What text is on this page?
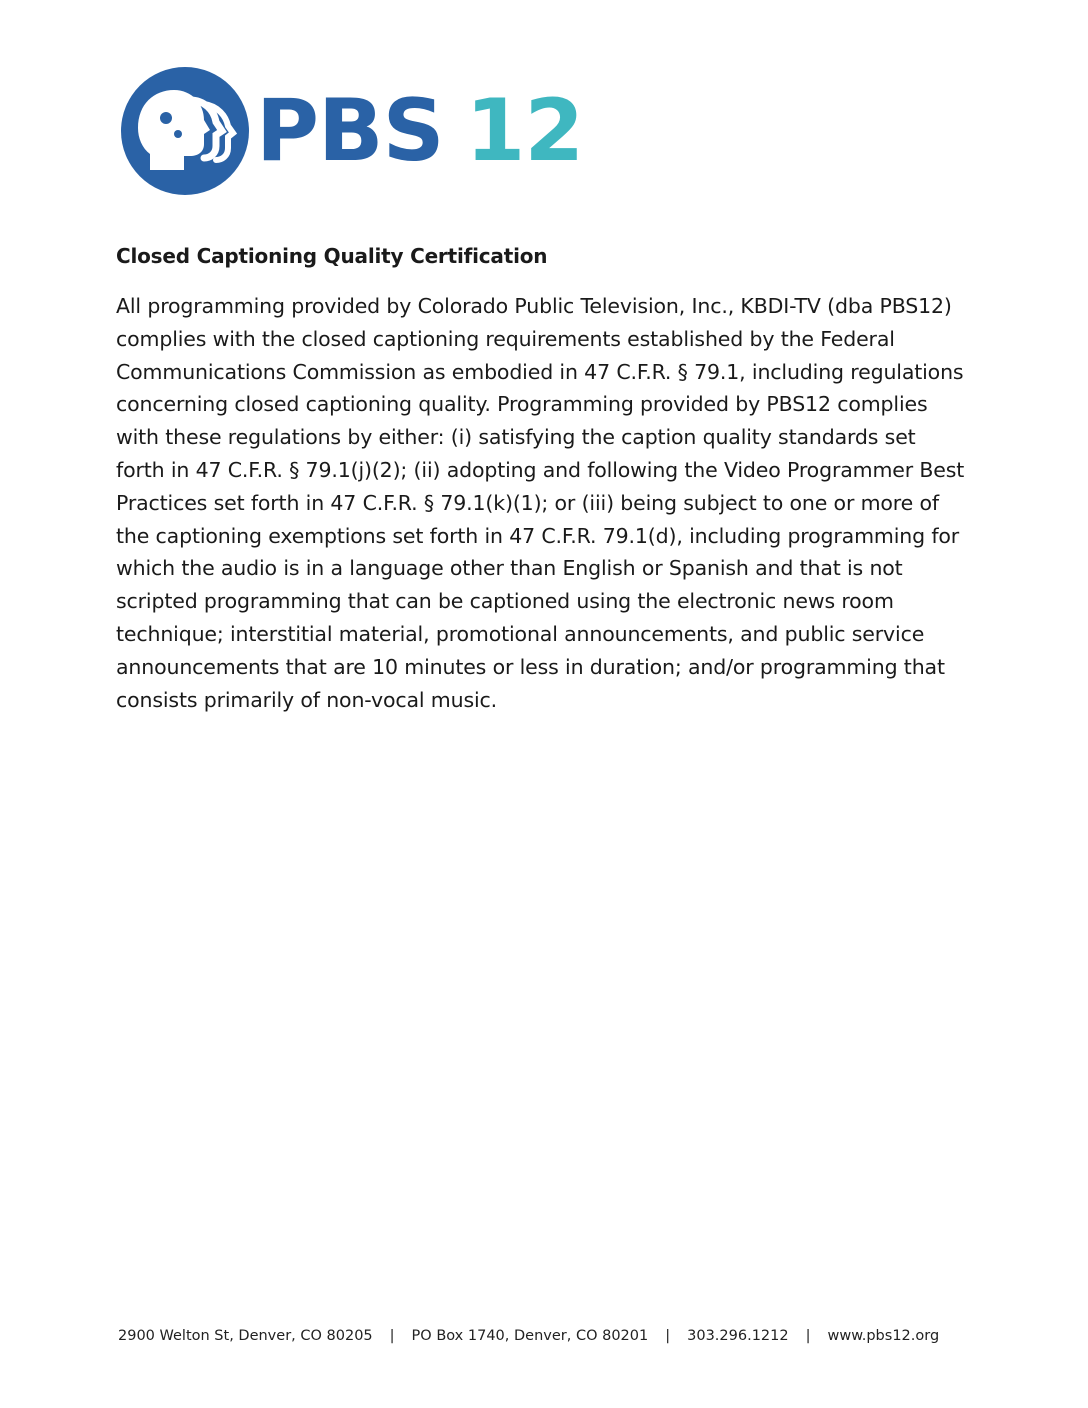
PBS 12
Closed Captioning Quality Certification
All programming provided by Colorado Public Television, Inc., KBDI-TV (dba PBS12) complies with the closed captioning requirements established by the Federal Communications Commission as embodied in 47 C.F.R. § 79.1, including regulations concerning closed captioning quality. Programming provided by PBS12 complies with these regulations by either: (i) satisfying the caption quality standards set forth in 47 C.F.R. § 79.1(j)(2); (ii) adopting and following the Video Programmer Best Practices set forth in 47 C.F.R. § 79.1(k)(1); or (iii) being subject to one or more of the captioning exemptions set forth in 47 C.F.R. 79.1(d), including programming for which the audio is in a language other than English or Spanish and that is not scripted programming that can be captioned using the electronic news room technique; interstitial material, promotional announcements, and public service announcements that are 10 minutes or less in duration; and/or programming that consists primarily of non-vocal music.
2900 Welton St, Denver, CO 80205 | PO Box 1740, Denver, CO 80201 | 303.296.1212 | www.pbs12.org
